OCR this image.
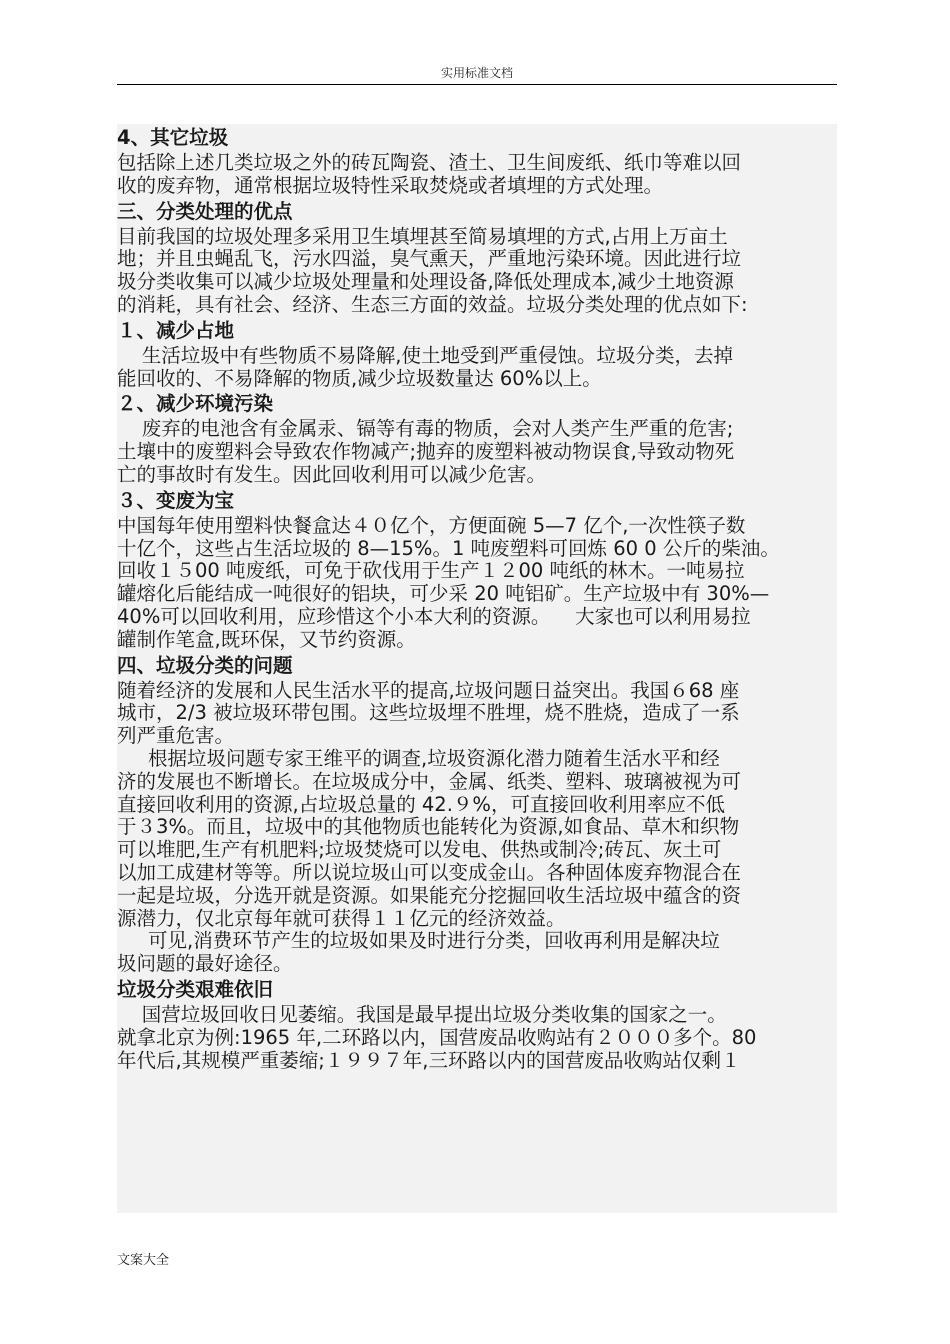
实用标准文档

4、其它垃圾

包括除上述几类垃圾之外的砖瓦陶瓷、渣土、卫生间废纸、纸巾等难以回

收的废弃物，通常根据垃圾特性采取焚烧或者填埋的方式处理。

三、分类处理的优点

目前我国的垃圾处理多采用卫生填埋甚至简易填埋的方式,占用上万亩土

地；并且虫蝇乱飞，污水四溢，臭气熏天，严重地污染环境。因此进行垃

圾分类收集可以减少垃圾处理量和处理设备,降低处理成本,减少土地资源

的消耗，具有社会、经济、生态三方面的效益。垃圾分类处理的优点如下:

１、减少占地

生活垃圾中有些物质不易降解,使土地受到严重侵蚀。垃圾分类，去掉

能回收的、不易降解的物质,减少垃圾数量达 60%以上。

２、减少环境污染

废弃的电池含有金属汞、镉等有毒的物质，会对人类产生严重的危害;

土壤中的废塑料会导致农作物减产;抛弃的废塑料被动物误食,导致动物死

亡的事故时有发生。因此回收利用可以减少危害。

３、变废为宝

中国每年使用塑料快餐盒达４０亿个，方便面碗 5—7 亿个,一次性筷子数

十亿个，这些占生活垃圾的 8—15%。1 吨废塑料可回炼 60 0 公斤的柴油。

回收１５00 吨废纸，可免于砍伐用于生产１２00 吨纸的林木。一吨易拉

罐熔化后能结成一吨很好的铝块，可少采 20 吨铝矿。生产垃圾中有 30%—

40%可以回收利用，应珍惜这个小本大利的资源。    大家也可以利用易拉

罐制作笔盒,既环保，又节约资源。

四、垃圾分类的问题

随着经济的发展和人民生活水平的提高,垃圾问题日益突出。我国６68 座

城市，2/3 被垃圾环带包围。这些垃圾埋不胜埋，烧不胜烧，造成了一系

列严重危害。

根据垃圾问题专家王维平的调查,垃圾资源化潜力随着生活水平和经

济的发展也不断增长。在垃圾成分中，金属、纸类、塑料、玻璃被视为可

直接回收利用的资源,占垃圾总量的 42.９%，可直接回收利用率应不低

于３3%。而且，垃圾中的其他物质也能转化为资源,如食品、草木和织物

可以堆肥,生产有机肥料;垃圾焚烧可以发电、供热或制冷;砖瓦、灰土可

以加工成建材等等。所以说垃圾山可以变成金山。各种固体废弃物混合在

一起是垃圾，分选开就是资源。如果能充分挖掘回收生活垃圾中蕴含的资

源潜力，仅北京每年就可获得１１亿元的经济效益。

可见,消费环节产生的垃圾如果及时进行分类，回收再利用是解决垃

圾问题的最好途径。

垃圾分类艰难依旧

国营垃圾回收日见萎缩。我国是最早提出垃圾分类收集的国家之一。

就拿北京为例:1965 年,二环路以内，国营废品收购站有２０００多个。80

年代后,其规模严重萎缩;１９９７年,三环路以内的国营废品收购站仅剩１

文案大全
